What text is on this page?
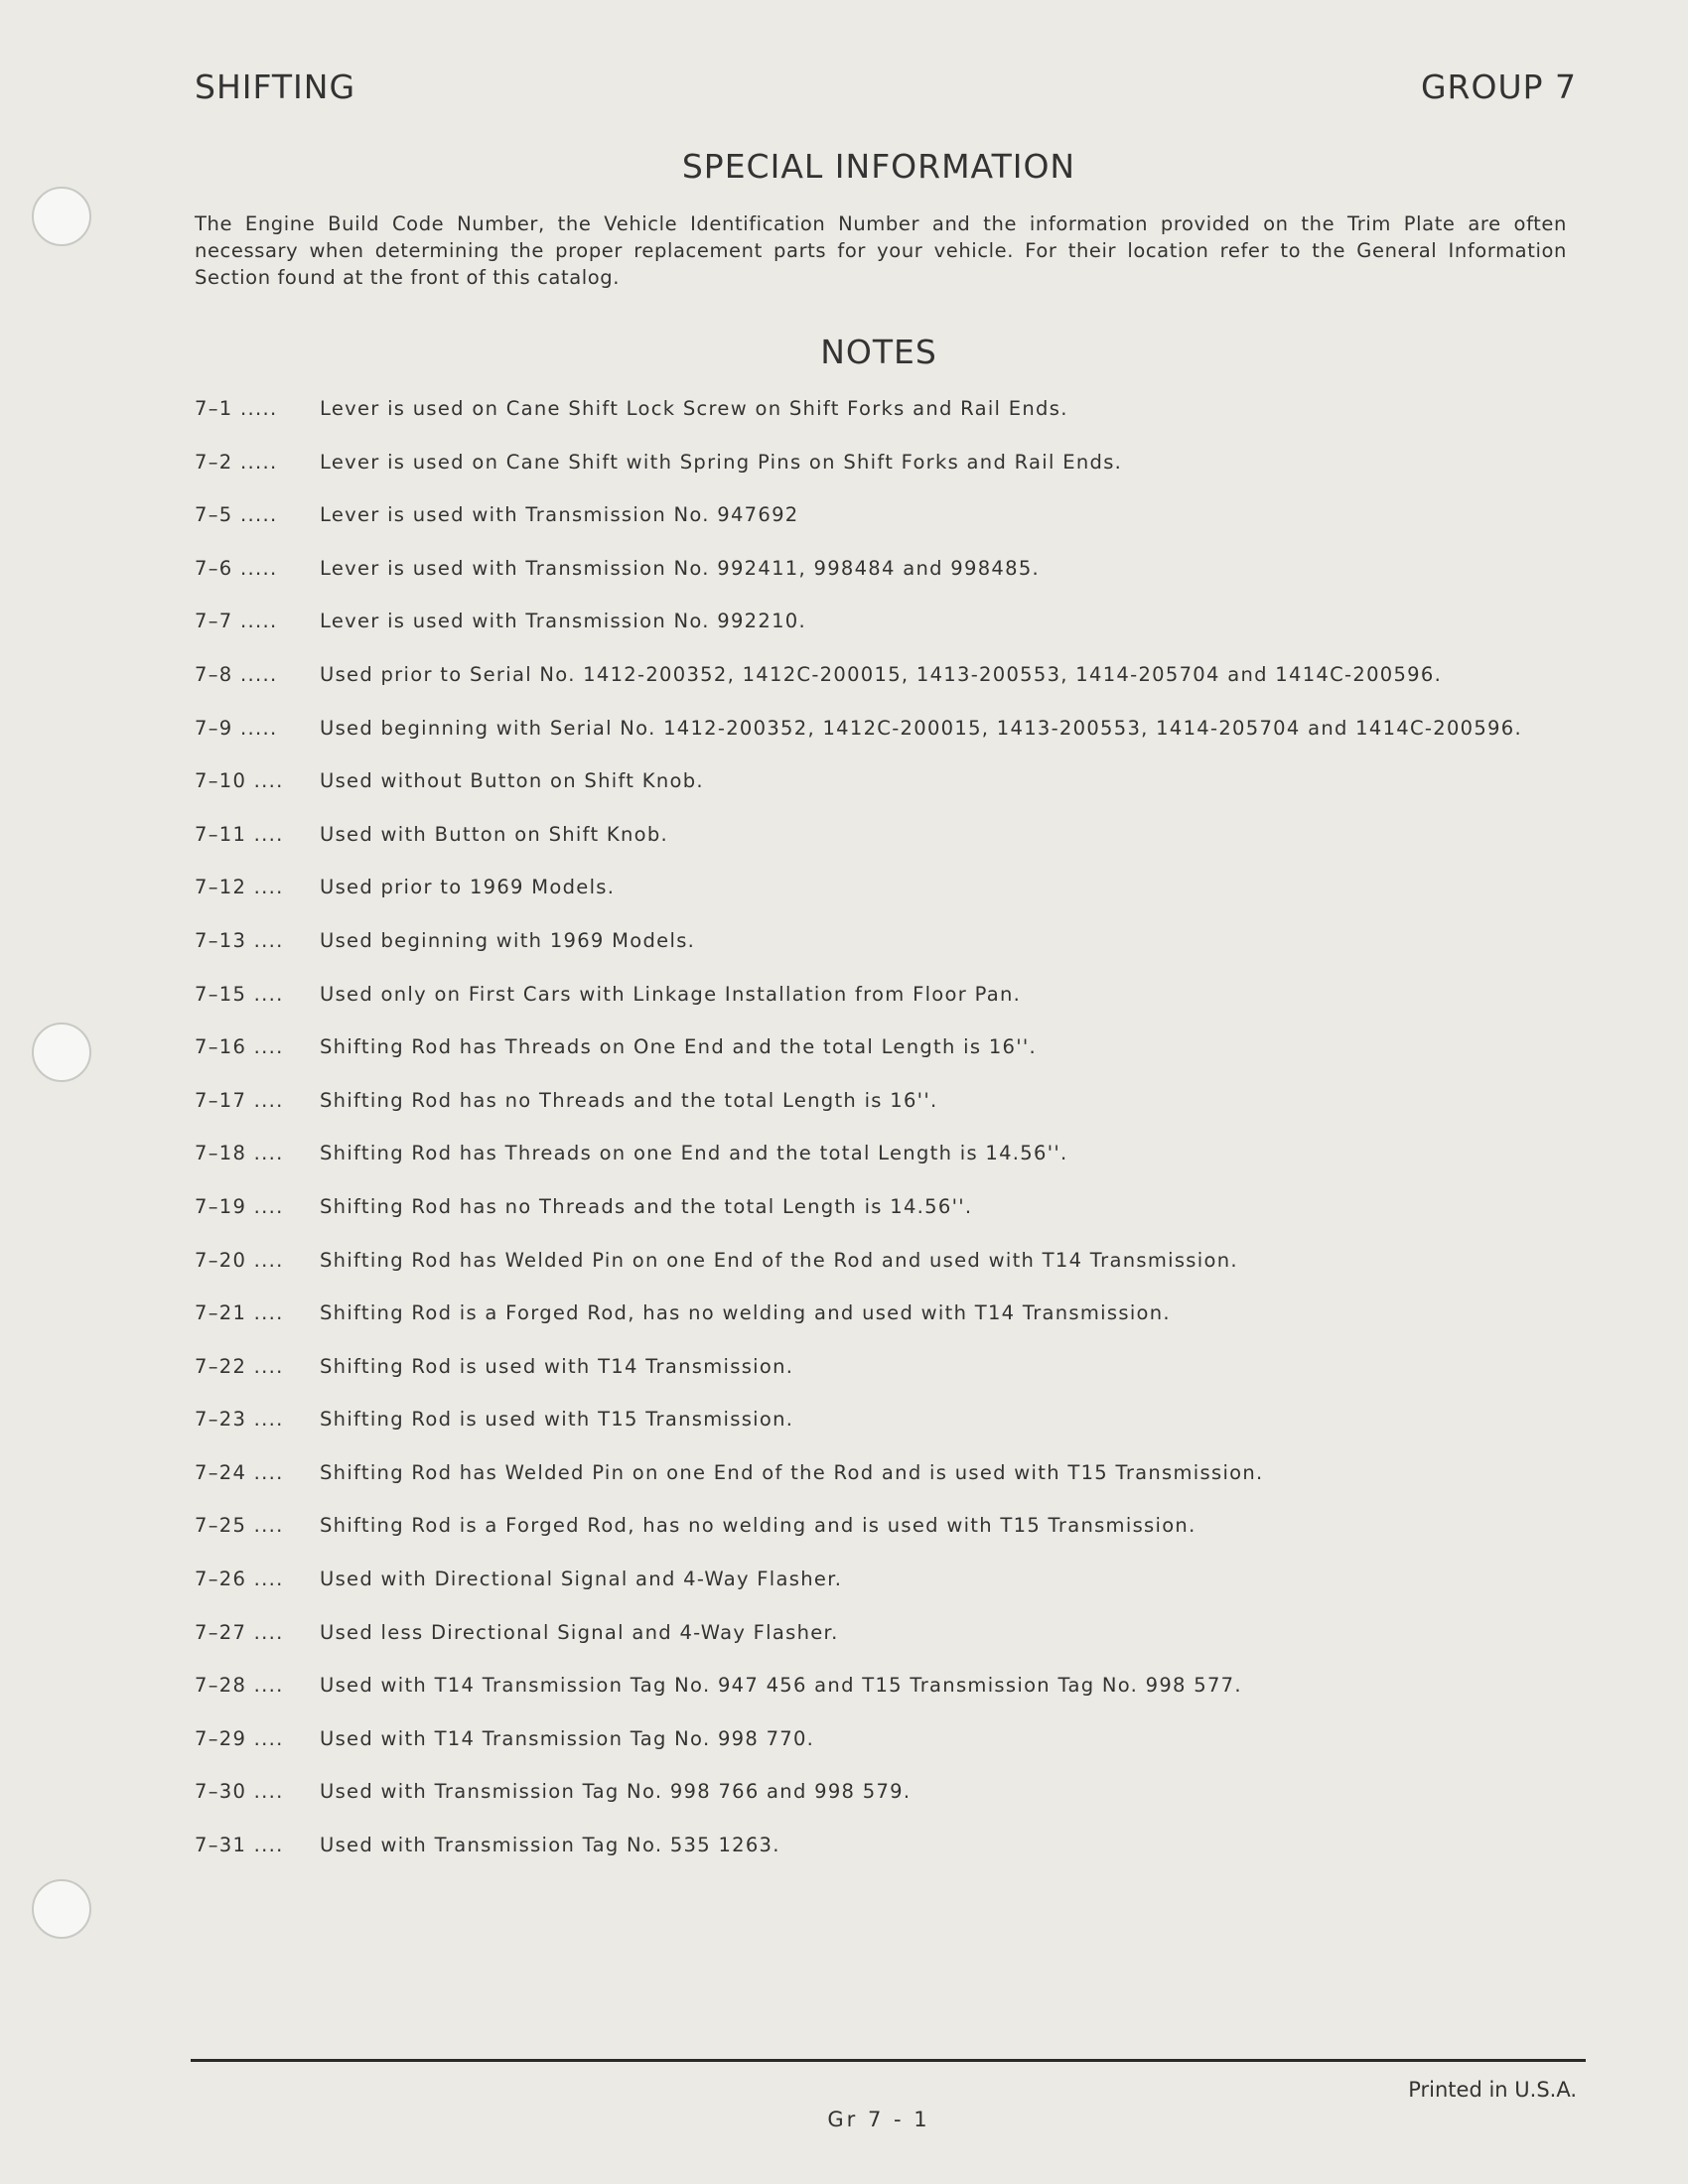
SHIFTING	GROUP 7
SPECIAL INFORMATION
The Engine Build Code Number, the Vehicle Identification Number and the information provided on the Trim Plate are often necessary when determining the proper replacement parts for your vehicle. For their location refer to the General Information Section found at the front of this catalog.
NOTES
7–1 ..... Lever is used on Cane Shift Lock Screw on Shift Forks and Rail Ends.
7–2 ..... Lever is used on Cane Shift with Spring Pins on Shift Forks and Rail Ends.
7–5 ..... Lever is used with Transmission No. 947692
7–6 ..... Lever is used with Transmission No. 992411, 998484 and 998485.
7–7 ..... Lever is used with Transmission No. 992210.
7–8 ..... Used prior to Serial No. 1412-200352, 1412C-200015, 1413-200553, 1414-205704 and 1414C-200596.
7–9 ..... Used beginning with Serial No. 1412-200352, 1412C-200015, 1413-200553, 1414-205704 and 1414C-200596.
7–10 .... Used without Button on Shift Knob.
7–11 .... Used with Button on Shift Knob.
7–12 .... Used prior to 1969 Models.
7–13 .... Used beginning with 1969 Models.
7–15 .... Used only on First Cars with Linkage Installation from Floor Pan.
7–16 .... Shifting Rod has Threads on One End and the total Length is 16''.
7–17 .... Shifting Rod has no Threads and the total Length is 16''.
7–18 .... Shifting Rod has Threads on one End and the total Length is 14.56''.
7–19 .... Shifting Rod has no Threads and the total Length is 14.56''.
7–20 .... Shifting Rod has Welded Pin on one End of the Rod and used with T14 Transmission.
7–21 .... Shifting Rod is a Forged Rod, has no welding and used with T14 Transmission.
7–22 .... Shifting Rod is used with T14 Transmission.
7–23 .... Shifting Rod is used with T15 Transmission.
7–24 .... Shifting Rod has Welded Pin on one End of the Rod and is used with T15 Transmission.
7–25 .... Shifting Rod is a Forged Rod, has no welding and is used with T15 Transmission.
7–26 .... Used with Directional Signal and 4-Way Flasher.
7–27 .... Used less Directional Signal and 4-Way Flasher.
7–28 .... Used with T14 Transmission Tag No. 947 456 and T15 Transmission Tag No. 998 577.
7–29 .... Used with T14 Transmission Tag No. 998 770.
7–30 .... Used with Transmission Tag No. 998 766 and 998 579.
7–31 .... Used with Transmission Tag No. 535 1263.
Printed in U.S.A.
Gr 7 - 1
